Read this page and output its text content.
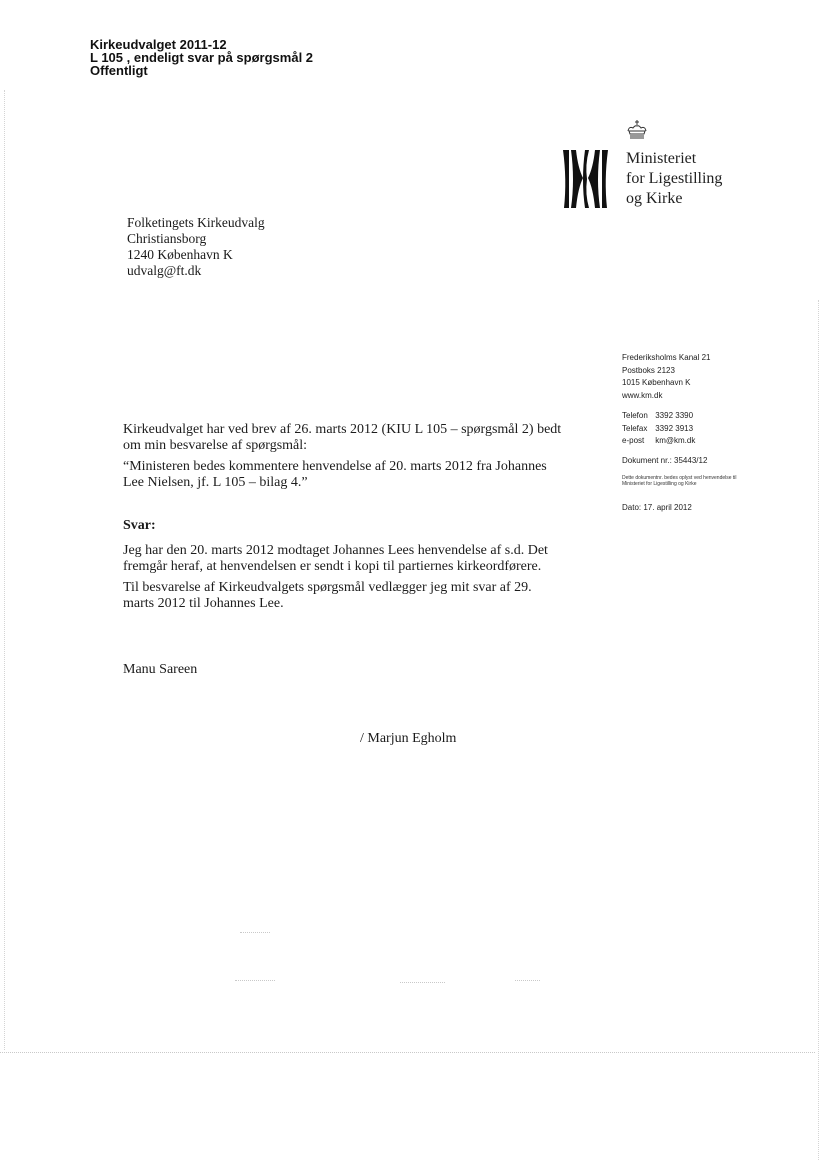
Kirkeudvalget 2011-12
L 105 , endeligt svar på spørgsmål 2
Offentligt
Ministeriet
for Ligestilling
og Kirke
Folketingets Kirkeudvalg
Christiansborg
1240 København K
udvalg@ft.dk
Frederiksholms Kanal 21
Postboks 2123
1015 København K
www.km.dk
Telefon 3392 3390
Telefax 3392 3913
e-post km@km.dk
Dokument nr.: 35443/12
Dette dokumentnr. bedes oplyst ved henvendelse til Ministeriet for Ligestilling og Kirke
Dato: 17. april 2012

Kirkeudvalget har ved brev af 26. marts 2012 (KIU L 105 – spørgsmål 2) bedt om min besvarelse af spørgsmål:

“Ministeren bedes kommentere henvendelse af 20. marts 2012 fra Johannes Lee Nielsen, jf. L 105 – bilag 4.”

Svar:

Jeg har den 20. marts 2012 modtaget Johannes Lees henvendelse af s.d. Det fremgår heraf, at henvendelsen er sendt i kopi til partiernes kirkeordførere.

Til besvarelse af Kirkeudvalgets spørgsmål vedlægger jeg mit svar af 29. marts 2012 til Johannes Lee.

Manu Sareen
/ Marjun Egholm
